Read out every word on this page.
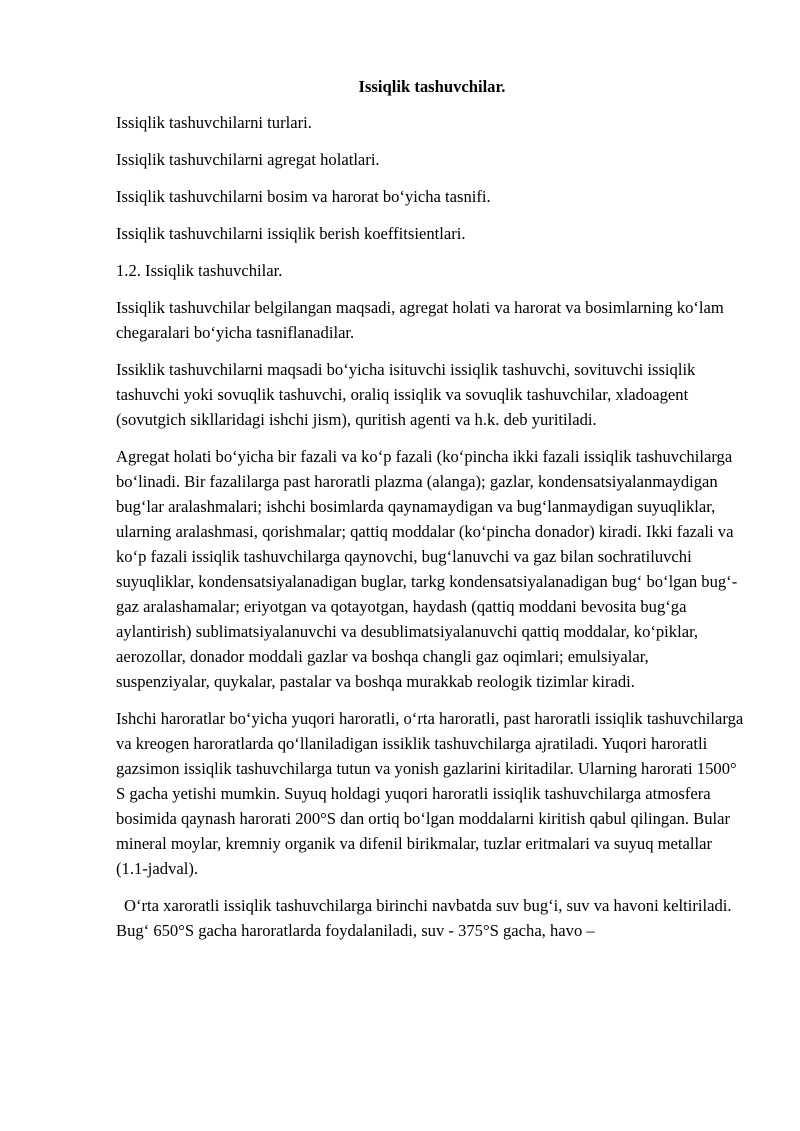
Issiqlik tashuvchilar.
Issiqlik tashuvchilarni turlari.
Issiqlik tashuvchilarni agregat holatlari.
Issiqlik tashuvchilarni bosim va harorat bo‘yicha tasnifi.
Issiqlik tashuvchilarni issiqlik berish koeffitsientlari.
1.2. Issiqlik tashuvchilar.
Issiqlik tashuvchilar belgilangan maqsadi, agregat holati va harorat va bosimlarning ko‘lam chegaralari bo‘yicha tasniflanadilar.
Issiklik tashuvchilarni maqsadi bo‘yicha isituvchi issiqlik tashuvchi, sovituvchi issiqlik tashuvchi yoki sovuqlik tashuvchi, oraliq issiqlik va sovuqlik tashuvchilar, xladoagent (sovutgich sikllaridagi ishchi jism), quritish agenti va h.k. deb yuritiladi.
Agregat holati bo‘yicha bir fazali va ko‘p fazali (ko‘pincha ikki fazali issiqlik tashuvchilarga bo‘linadi. Bir fazalilarga past haroratli plazma (alanga); gazlar, kondensatsiyalanmaydigan bug‘lar aralashmalari; ishchi bosimlarda qaynamaydigan va bug‘lanmaydigan suyuqliklar, ularning aralashmasi, qorishmalar; qattiq moddalar (ko‘pincha donador) kiradi. Ikki fazali va ko‘p fazali issiqlik tashuvchilarga qaynovchi, bug‘lanuvchi va gaz bilan sochratiluvchi suyuqliklar, kondensatsiyalanadigan buglar, tarkg kondensatsiyalanadigan bug‘ bo‘lgan bug‘-gaz aralashamalar; eriyotgan va qotayotgan, haydash (qattiq moddani bevosita bug‘ga aylantirish) sublimatsiyalanuvchi va desublimatsiyalanuvchi qattiq moddalar, ko‘piklar, aerozollar, donador moddali gazlar va boshqa changli gaz oqimlari; emulsiyalar, suspenziyalar, quykalar, pastalar va boshqa murakkab reologik tizimlar kiradi.
Ishchi haroratlar bo‘yicha yuqori haroratli, o‘rta haroratli, past haroratli issiqlik tashuvchilarga va kreogen haroratlarda qo‘llaniladigan issiklik tashuvchilarga ajratiladi. Yuqori haroratli gazsimon issiqlik tashuvchilarga tutun va yonish gazlarini kiritadilar. Ularning harorati 1500° S gacha yetishi mumkin. Suyuq holdagi yuqori haroratli issiqlik tashuvchilarga atmosfera bosimida qaynash harorati 200°S dan ortiq bo‘lgan moddalarni kiritish qabul qilingan. Bular mineral moylar, kremniy organik va difenil birikmalar, tuzlar eritmalari va suyuq metallar (1.1-jadval).
O‘rta xaroratli issiqlik tashuvchilarga birinchi navbatda suv bug‘i, suv va havoni keltiriladi. Bug‘ 650°S gacha haroratlarda foydalaniladi, suv - 375°S gacha, havo –
